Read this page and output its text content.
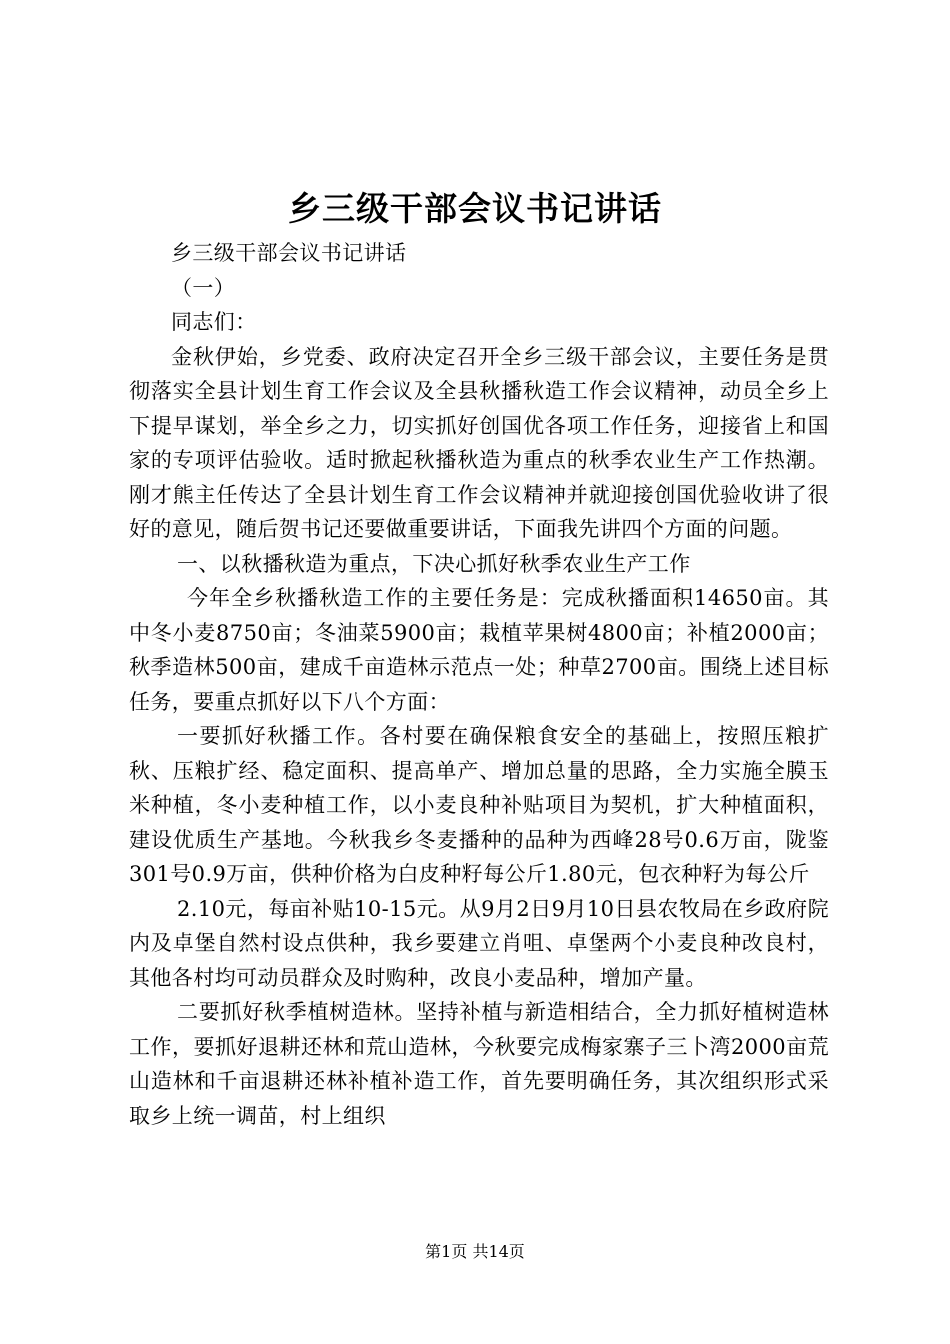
乡三级干部会议书记讲话

乡三级干部会议书记讲话

（一）

同志们：

金秋伊始，乡党委、政府决定召开全乡三级干部会议，主要任务是贯彻落实全县计划生育工作会议及全县秋播秋造工作会议精神，动员全乡上下提早谋划，举全乡之力，切实抓好创国优各项工作任务，迎接省上和国家的专项评估验收。适时掀起秋播秋造为重点的秋季农业生产工作热潮。刚才熊主任传达了全县计划生育工作会议精神并就迎接创国优验收讲了很好的意见，随后贺书记还要做重要讲话，下面我先讲四个方面的问题。

一、以秋播秋造为重点，下决心抓好秋季农业生产工作

今年全乡秋播秋造工作的主要任务是：完成秋播面积14650亩。其中冬小麦8750亩；冬油菜5900亩；栽植苹果树4800亩；补植2000亩；秋季造林500亩，建成千亩造林示范点一处；种草2700亩。围绕上述目标任务，要重点抓好以下八个方面：

一要抓好秋播工作。各村要在确保粮食安全的基础上，按照压粮扩秋、压粮扩经、稳定面积、提高单产、增加总量的思路，全力实施全膜玉米种植，冬小麦种植工作，以小麦良种补贴项目为契机，扩大种植面积，建设优质生产基地。今秋我乡冬麦播种的品种为西峰28号0.6万亩，陇鉴301号0.9万亩，供种价格为白皮种籽每公斤1.80元，包衣种籽为每公斤

2.10元，每亩补贴10-15元。从9月2日9月10日县农牧局在乡政府院内及卓堡自然村设点供种，我乡要建立肖咀、卓堡两个小麦良种改良村，其他各村均可动员群众及时购种，改良小麦品种，增加产量。

二要抓好秋季植树造林。坚持补植与新造相结合，全力抓好植树造林工作，要抓好退耕还林和荒山造林，今秋要完成梅家寨子三卜湾2000亩荒山造林和千亩退耕还林补植补造工作，首先要明确任务，其次组织形式采取乡上统一调苗，村上组织

第1页 共14页
